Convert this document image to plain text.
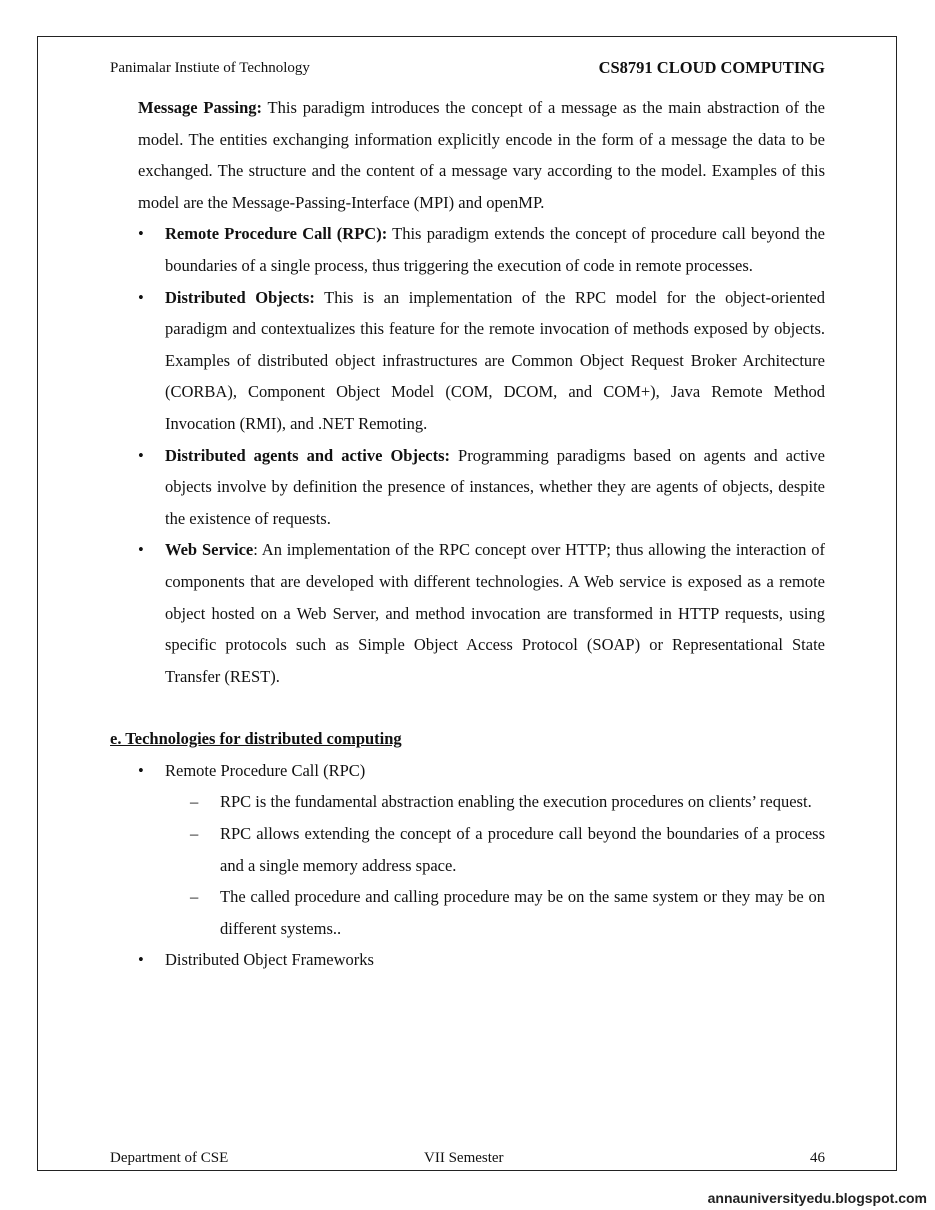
Panimalar Instiute of Technology	CS8791 CLOUD COMPUTING

Message Passing: This paradigm introduces the concept of a message as the main abstraction of the model. The entities exchanging information explicitly encode in the form of a message the data to be exchanged. The structure and the content of a message vary according to the model. Examples of this model are the Message-Passing-Interface (MPI) and openMP.

• Remote Procedure Call (RPC): This paradigm extends the concept of procedure call beyond the boundaries of a single process, thus triggering the execution of code in remote processes.

• Distributed Objects: This is an implementation of the RPC model for the object-oriented paradigm and contextualizes this feature for the remote invocation of methods exposed by objects. Examples of distributed object infrastructures are Common Object Request Broker Architecture (CORBA), Component Object Model (COM, DCOM, and COM+), Java Remote Method Invocation (RMI), and .NET Remoting.

• Distributed agents and active Objects: Programming paradigms based on agents and active objects involve by definition the presence of instances, whether they are agents of objects, despite the existence of requests.

• Web Service: An implementation of the RPC concept over HTTP; thus allowing the interaction of components that are developed with different technologies. A Web service is exposed as a remote object hosted on a Web Server, and method invocation are transformed in HTTP requests, using specific protocols such as Simple Object Access Protocol (SOAP) or Representational State Transfer (REST).

e. Technologies for distributed computing

• Remote Procedure Call (RPC)

– RPC is the fundamental abstraction enabling the execution procedures on clients’ request.

– RPC allows extending the concept of a procedure call beyond the boundaries of a process and a single memory address space.

– The called procedure and calling procedure may be on the same system or they may be on different systems..

• Distributed Object Frameworks

Department of CSE	VII Semester	46
annauniversityedu.blogspot.com
